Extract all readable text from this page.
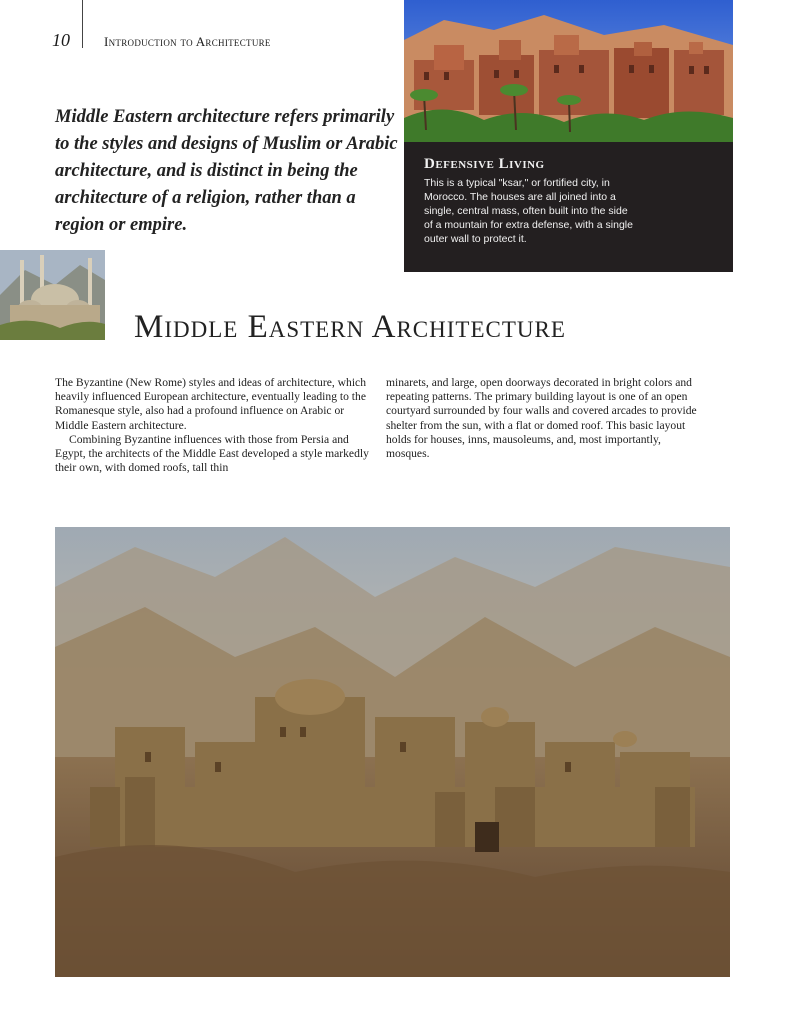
10	Introduction to Architecture
Middle Eastern architecture refers primarily to the styles and designs of Muslim or Arabic architecture, and is distinct in being the architecture of a religion, rather than a region or empire.
Defensive Living
This is a typical "ksar," or fortified city, in Morocco. The houses are all joined into a single, central mass, often built into the side of a mountain for extra defense, with a single outer wall to protect it.
Middle Eastern Architecture

The Byzantine (New Rome) styles and ideas of architecture, which heavily influenced European architecture, eventually leading to the Romanesque style, also had a profound influence on Arabic or Middle Eastern architecture.

Combining Byzantine influences with those from Persia and Egypt, the architects of the Middle East developed a style markedly their own, with domed roofs, tall thin

minarets, and large, open doorways decorated in bright colors and repeating patterns. The primary building layout is one of an open courtyard surrounded by four walls and covered arcades to provide shelter from the sun, with a flat or domed roof. This basic layout holds for houses, inns, mausoleums, and, most importantly, mosques.
